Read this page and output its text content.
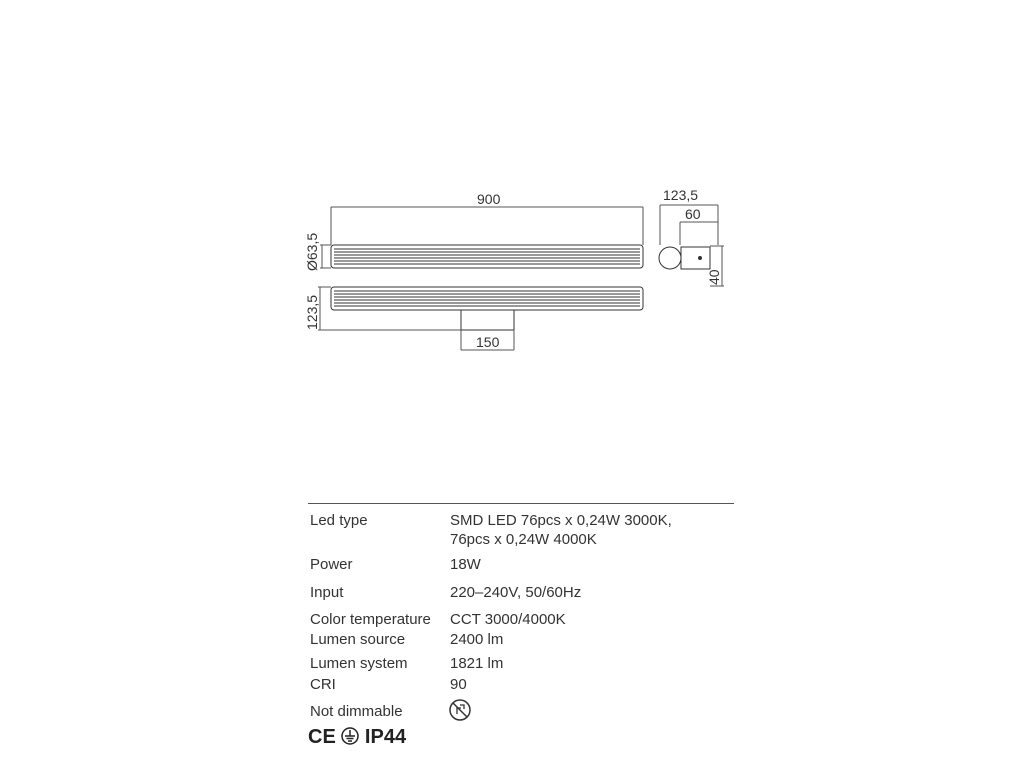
900
Ø63,5
123,5
150
123,5
60
40
Led type	SMD LED 76pcs x 0,24W 3000K,
76pcs x 0,24W 4000K
Power	18W
Input	220–240V, 50/60Hz
Color temperature CCT 3000/4000K
Lumen source	2400 lm
Lumen system	1821 lm
CRI	90
Not dimmable
CE IP44
